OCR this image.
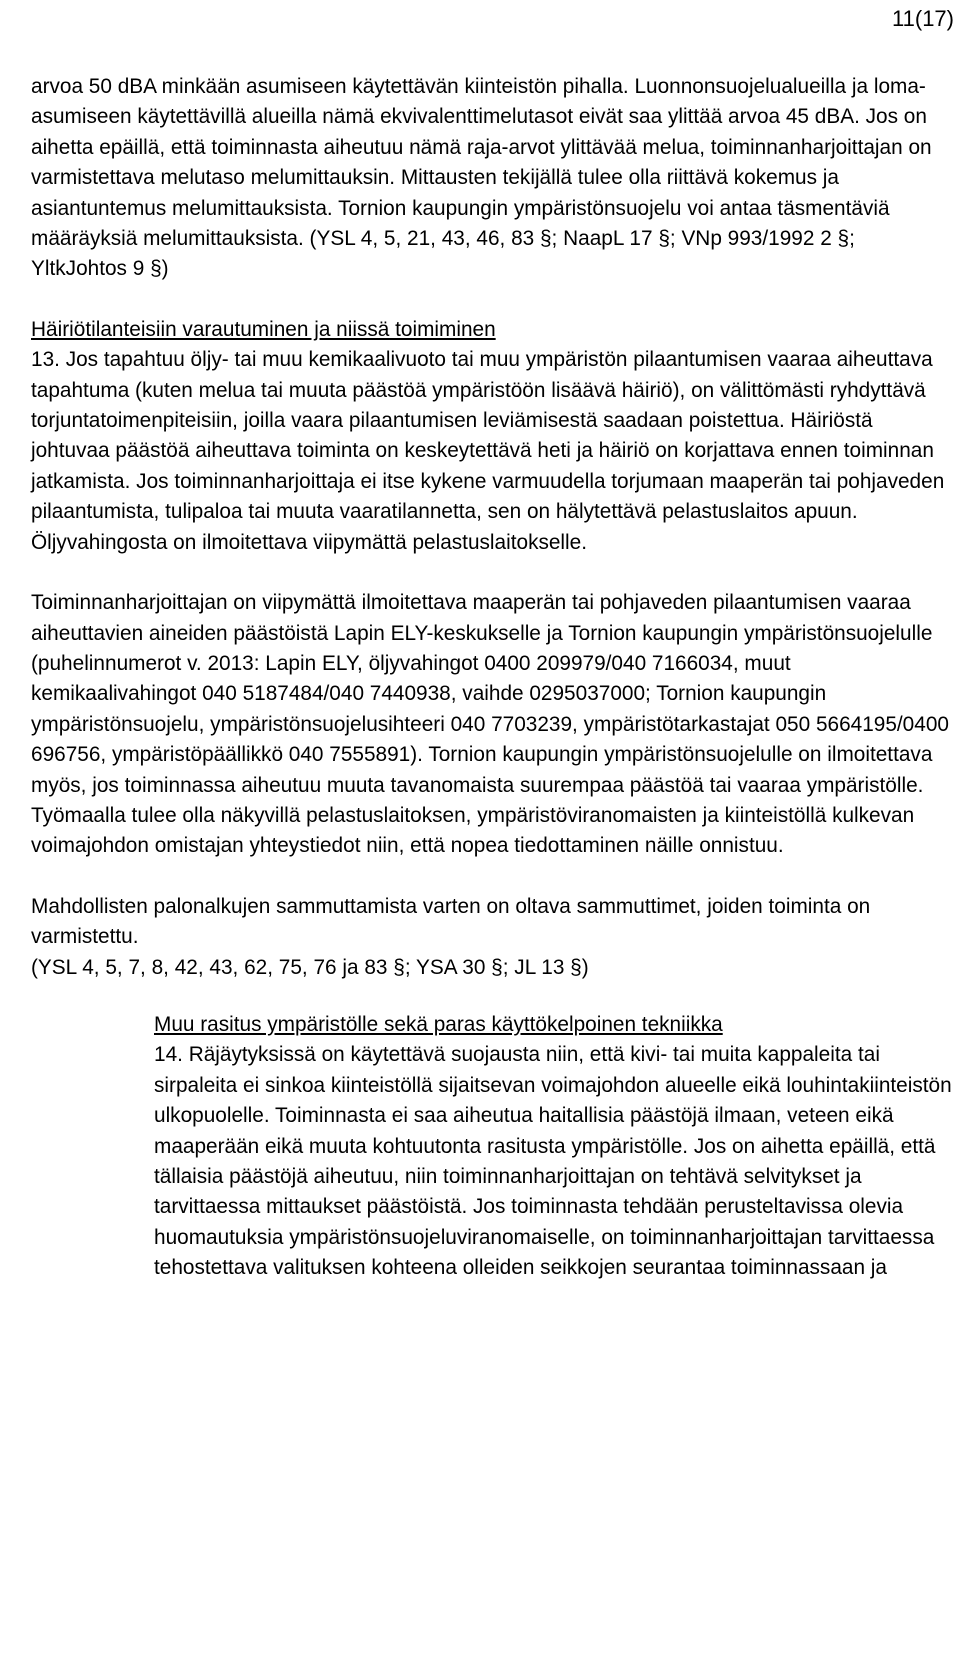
11(17)

arvoa 50 dBA minkään asumiseen käytettävän kiinteistön pihalla. Luonnonsuojelualueilla ja loma-asumiseen käytettävillä alueilla nämä ekvivalenttimelutasot eivät saa ylittää arvoa 45 dBA. Jos on aihetta epäillä, että toiminnasta aiheutuu nämä raja-arvot ylittävää melua, toiminnanharjoittajan on varmistettava melutaso melumittauksin. Mittausten tekijällä tulee olla riittävä kokemus ja asiantuntemus melumittauksista. Tornion kaupungin ympäristönsuojelu voi antaa täsmentäviä määräyksiä melumittauksista. (YSL 4, 5, 21, 43, 46, 83 §; NaapL 17 §; VNp 993/1992 2 §; YltkJohtos 9 §)

Häiriötilanteisiin varautuminen ja niissä toimiminen

13. Jos tapahtuu öljy- tai muu kemikaalivuoto tai muu ympäristön pilaantumisen vaaraa aiheuttava tapahtuma (kuten melua tai muuta päästöä ympäristöön lisäävä häiriö), on välittömästi ryhdyttävä torjuntatoimenpiteisiin, joilla vaara pilaantumisen leviämisestä saadaan poistettua. Häiriöstä johtuvaa päästöä aiheuttava toiminta on keskeytettävä heti ja häiriö on korjattava ennen toiminnan jatkamista. Jos toiminnanharjoittaja ei itse kykene varmuudella torjumaan maaperän tai pohjaveden pilaantumista, tulipaloa tai muuta vaaratilannetta, sen on hälytettävä pelastuslaitos apuun. Öljyvahingosta on ilmoitettava viipymättä pelastuslaitokselle.

Toiminnanharjoittajan on viipymättä ilmoitettava maaperän tai pohjaveden pilaantumisen vaaraa aiheuttavien aineiden päästöistä Lapin ELY-keskukselle ja Tornion kaupungin ympäristönsuojelulle (puhelinnumerot v. 2013: Lapin ELY, öljyvahingot 0400 209979/040 7166034, muut kemikaalivahingot 040 5187484/040 7440938, vaihde 0295037000; Tornion kaupungin ympäristönsuojelu, ympäristönsuojelusihteeri 040 7703239, ympäristötarkastajat 050 5664195/0400 696756, ympäristöpäällikkö 040 7555891). Tornion kaupungin ympäristönsuojelulle on ilmoitettava myös, jos toiminnassa aiheutuu muuta tavanomaista suurempaa päästöä tai vaaraa ympäristölle. Työmaalla tulee olla näkyvillä pelastuslaitoksen, ympäristöviranomaisten ja kiinteistöllä kulkevan voimajohdon omistajan yhteystiedot niin, että nopea tiedottaminen näille onnistuu.

Mahdollisten palonalkujen sammuttamista varten on oltava sammuttimet, joiden toiminta on varmistettu.

(YSL 4, 5, 7, 8, 42, 43, 62, 75, 76 ja 83 §; YSA 30 §; JL 13 §)

Muu rasitus ympäristölle sekä paras käyttökelpoinen tekniikka

14. Räjäytyksissä on käytettävä suojausta niin, että kivi- tai muita kappaleita tai sirpaleita ei sinkoa kiinteistöllä sijaitsevan voimajohdon alueelle eikä louhintakiinteistön ulkopuolelle. Toiminnasta ei saa aiheutua haitallisia päästöjä ilmaan, veteen eikä maaperään eikä muuta kohtuutonta rasitusta ympäristölle. Jos on aihetta epäillä, että tällaisia päästöjä aiheutuu, niin toiminnanharjoittajan on tehtävä selvitykset ja tarvittaessa mittaukset päästöistä. Jos toiminnasta tehdään perusteltavissa olevia huomautuksia ympäristönsuojeluviranomaiselle, on toiminnanharjoittajan tarvittaessa tehostettava valituksen kohteena olleiden seikkojen seurantaa toiminnassaan ja
